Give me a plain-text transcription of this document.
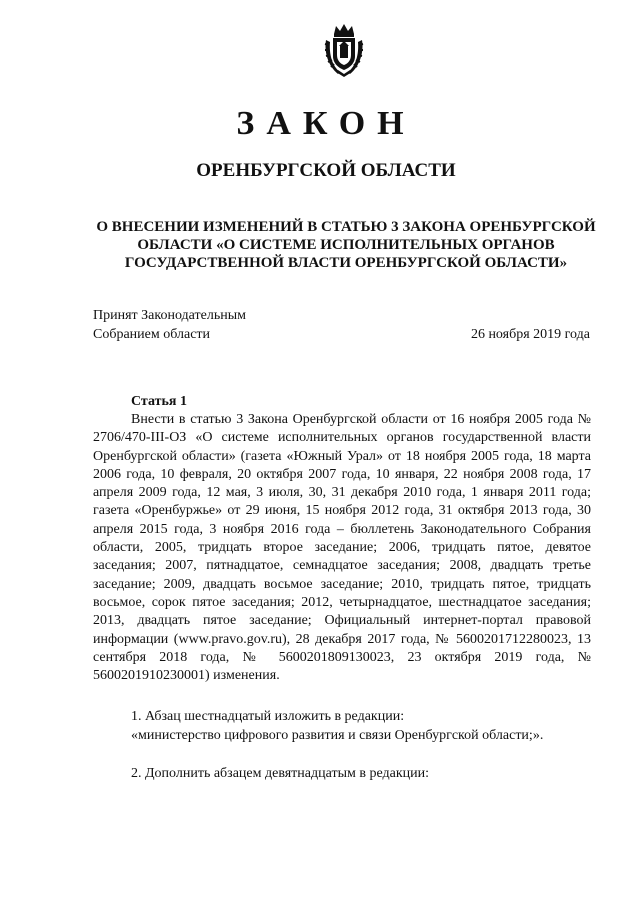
ЗАКОН
ОРЕНБУРГСКОЙ ОБЛАСТИ
О ВНЕСЕНИИ ИЗМЕНЕНИЙ В СТАТЬЮ 3 ЗАКОНА ОРЕНБУРГСКОЙ ОБЛАСТИ «О СИСТЕМЕ ИСПОЛНИТЕЛЬНЫХ ОРГАНОВ ГОСУДАРСТВЕННОЙ ВЛАСТИ ОРЕНБУРГСКОЙ ОБЛАСТИ»
Принят Законодательным
Собранием области	26 ноября 2019 года
Статья 1

Внести в статью 3 Закона Оренбургской области от 16 ноября 2005 года № 2706/470-III-ОЗ «О системе исполнительных органов государственной власти Оренбургской области» (газета «Южный Урал» от 18 ноября 2005 года, 18 марта 2006 года, 10 февраля, 20 октября 2007 года, 10 января, 22 ноября 2008 года, 17 апреля 2009 года, 12 мая, 3 июля, 30, 31 декабря 2010 года, 1 января 2011 года; газета «Оренбуржье» от 29 июня, 15 ноября 2012 года, 31 октября 2013 года, 30 апреля 2015 года, 3 ноября 2016 года – бюллетень Законодательного Собрания области, 2005, тридцать второе заседание; 2006, тридцать пятое, девятое заседания; 2007, пятнадцатое, семнадцатое заседания; 2008, двадцать третье заседание; 2009, двадцать восьмое заседание; 2010, тридцать пятое, тридцать восьмое, сорок пятое заседания; 2012, четырнадцатое, шестнадцатое заседания; 2013, двадцать пятое заседание; Официальный интернет-портал правовой информации (www.pravo.gov.ru), 28 декабря 2017 года, № 5600201712280023, 13 сентября 2018 года, № 5600201809130023, 23 октября 2019 года, № 5600201910230001) изменения.

1. Абзац шестнадцатый изложить в редакции:
«министерство цифрового развития и связи Оренбургской области;».
2. Дополнить абзацем девятнадцатым в редакции:
